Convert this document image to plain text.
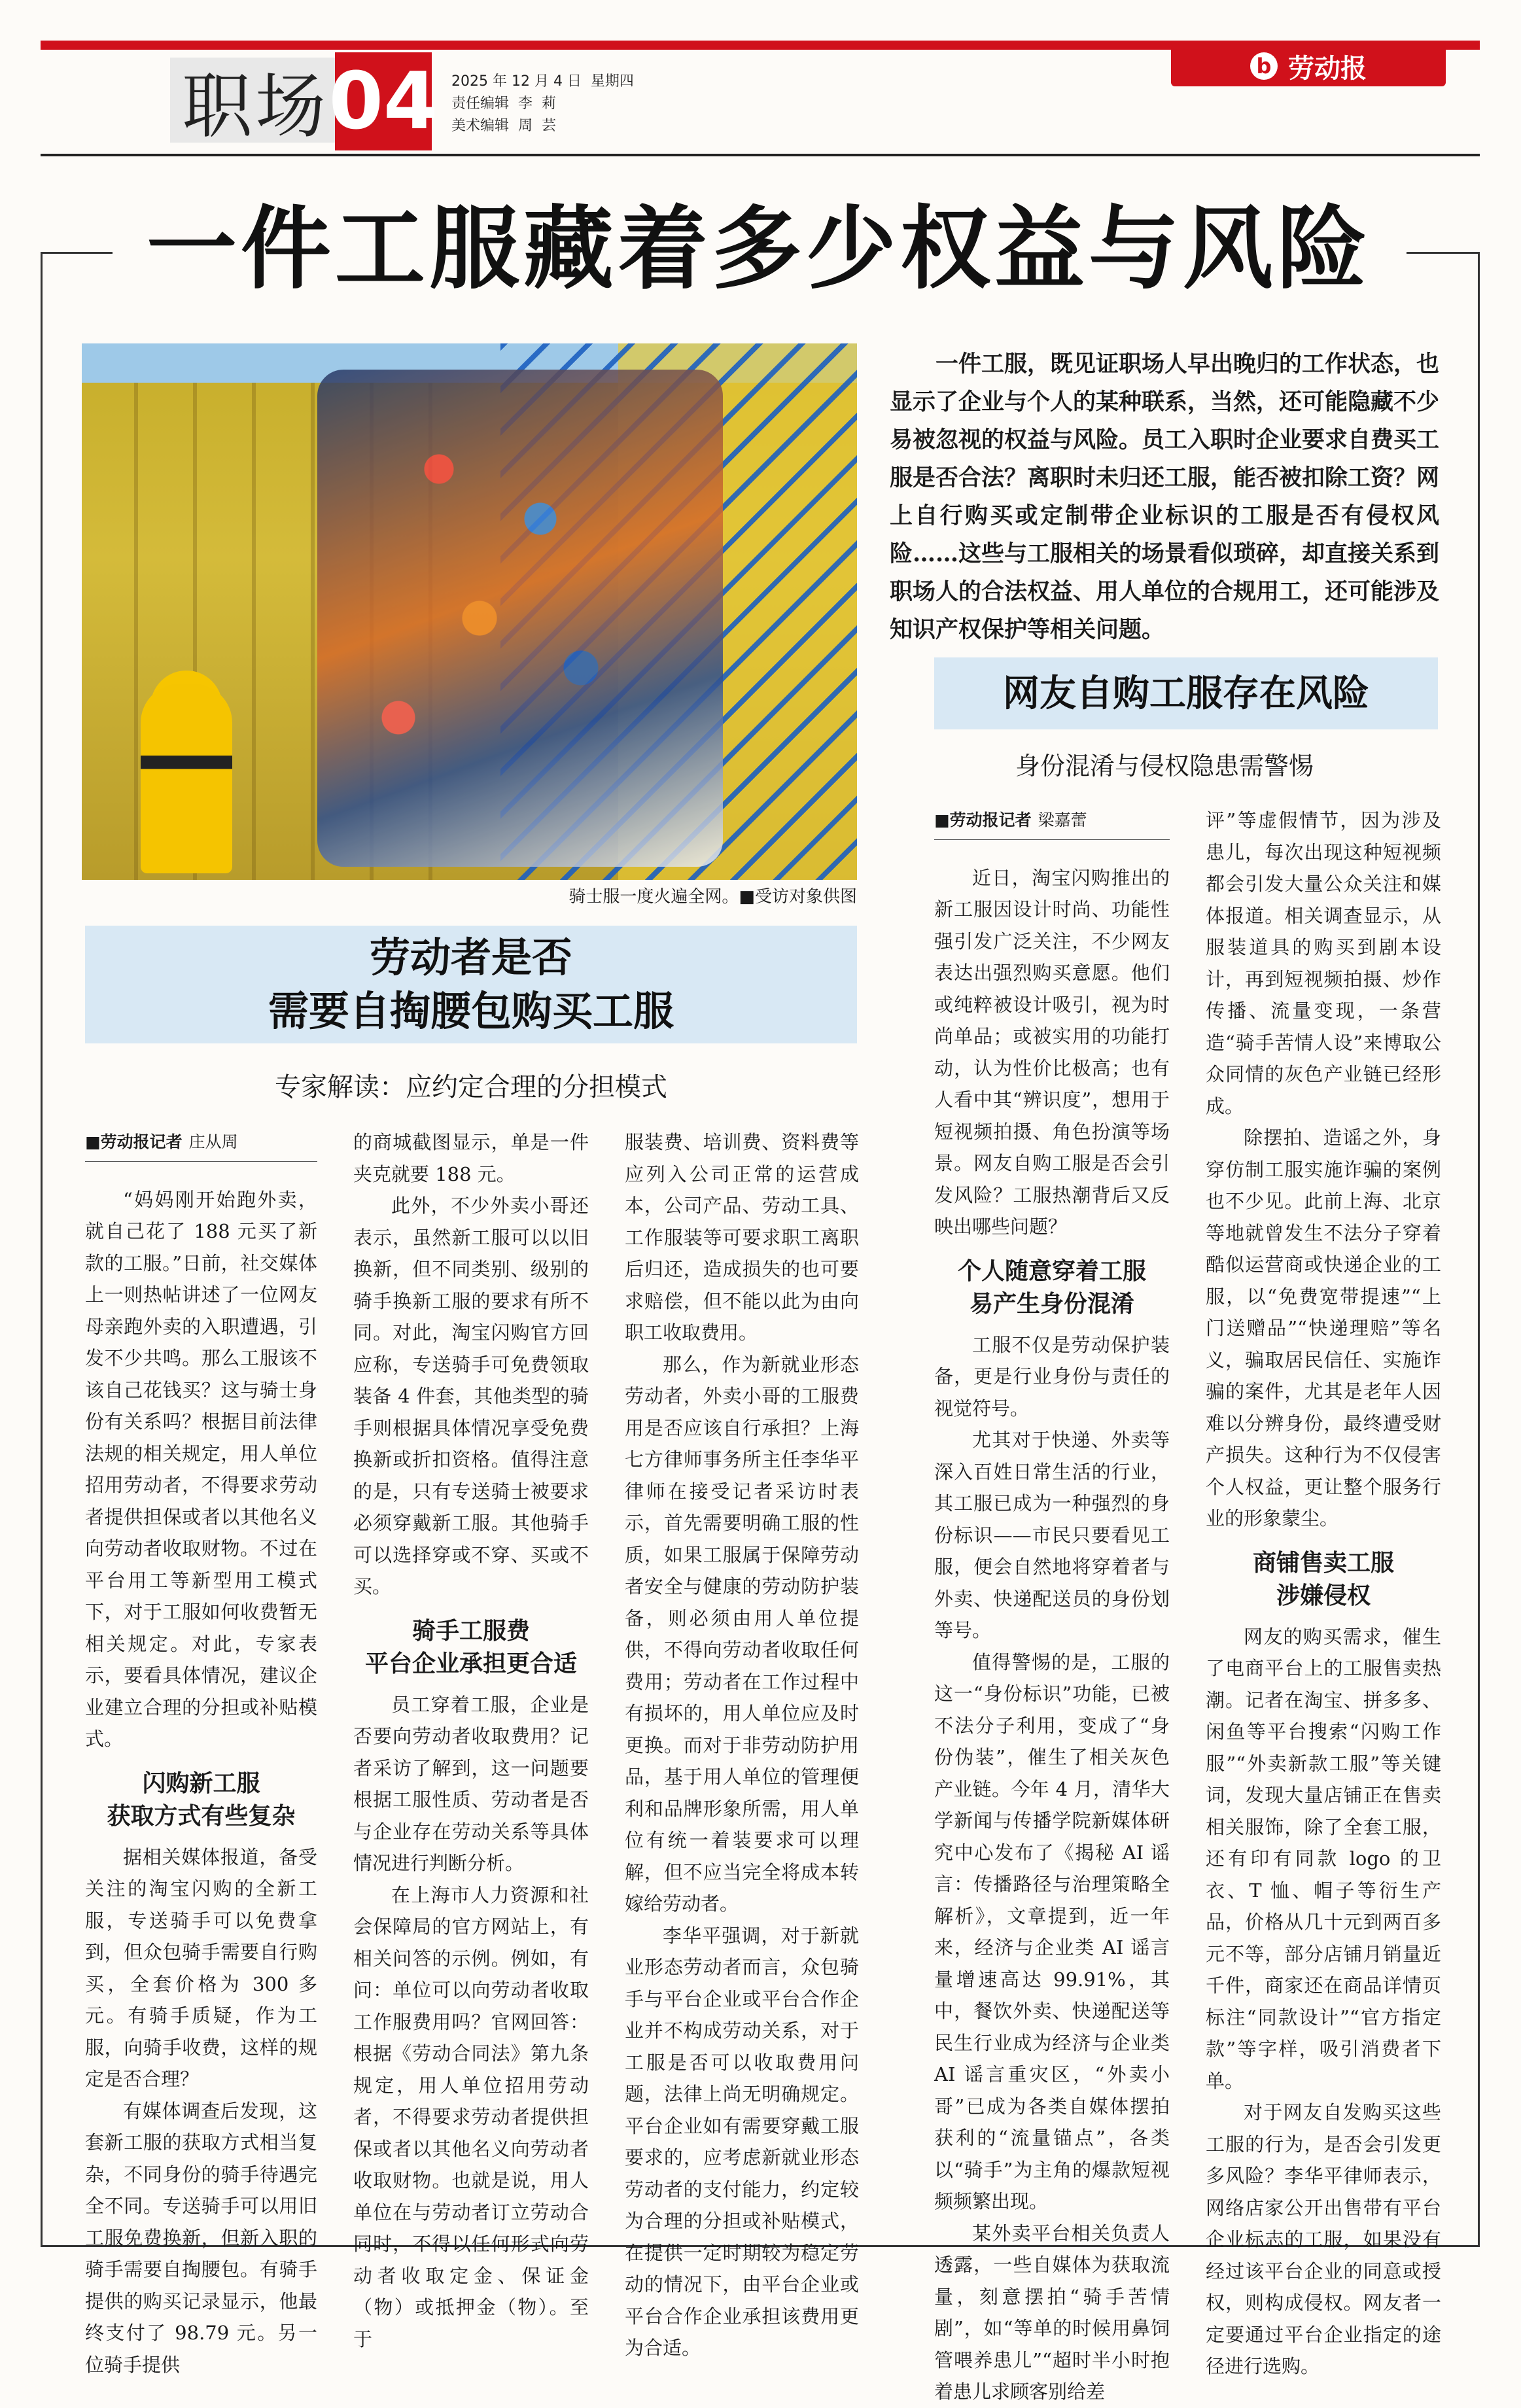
职场 04 2025 年 12 月 4 日  星期四
责任编辑  李  莉
美术编辑  周  芸
b 劳动报
一件工服藏着多少权益与风险
骑士服一度火遍全网。■受访对象供图
一件工服，既见证职场人早出晚归的工作状态，也显示了企业与个人的某种联系，当然，还可能隐藏不少易被忽视的权益与风险。员工入职时企业要求自费买工服是否合法？离职时未归还工服，能否被扣除工资？网上自行购买或定制带企业标识的工服是否有侵权风险……这些与工服相关的场景看似琐碎，却直接关系到职场人的合法权益、用人单位的合规用工，还可能涉及知识产权保护等相关问题。
网友自购工服存在风险
身份混淆与侵权隐患需警惕
劳动者是否
需要自掏腰包购买工服
专家解读：应约定合理的分担模式
■劳动报记者 庄从周

“妈妈刚开始跑外卖，就自己花了 188 元买了新款的工服。”日前，社交媒体上一则热帖讲述了一位网友母亲跑外卖的入职遭遇，引发不少共鸣。那么工服该不该自己花钱买？这与骑士身份有关系吗？根据目前法律法规的相关规定，用人单位招用劳动者，不得要求劳动者提供担保或者以其他名义向劳动者收取财物。不过在平台用工等新型用工模式下，对于工服如何收费暂无相关规定。对此，专家表示，要看具体情况，建议企业建立合理的分担或补贴模式。

闪购新工服
获取方式有些复杂

据相关媒体报道，备受关注的淘宝闪购的全新工服，专送骑手可以免费拿到，但众包骑手需要自行购买，全套价格为 300 多元。有骑手质疑，作为工服，向骑手收费，这样的规定是否合理？

有媒体调查后发现，这套新工服的获取方式相当复杂，不同身份的骑手待遇完全不同。专送骑手可以用旧工服免费换新，但新入职的骑手需要自掏腰包。有骑手提供的购买记录显示，他最终支付了 98.79 元。另一位骑手提供

的商城截图显示，单是一件夹克就要 188 元。

此外，不少外卖小哥还表示，虽然新工服可以以旧换新，但不同类别、级别的骑手换新工服的要求有所不同。对此，淘宝闪购官方回应称，专送骑手可免费领取装备 4 件套，其他类型的骑手则根据具体情况享受免费换新或折扣资格。值得注意的是，只有专送骑士被要求必须穿戴新工服。其他骑手可以选择穿或不穿、买或不买。

骑手工服费
平台企业承担更合适

员工穿着工服，企业是否要向劳动者收取费用？记者采访了解到，这一问题要根据工服性质、劳动者是否与企业存在劳动关系等具体情况进行判断分析。

在上海市人力资源和社会保障局的官方网站上，有相关问答的示例。例如，有问：单位可以向劳动者收取工作服费用吗？官网回答：根据《劳动合同法》第九条规定，用人单位招用劳动者，不得要求劳动者提供担保或者以其他名义向劳动者收取财物。也就是说，用人单位在与劳动者订立劳动合同时，不得以任何形式向劳动者收取定金、保证金（物）或抵押金（物）。至于

服装费、培训费、资料费等应列入公司正常的运营成本，公司产品、劳动工具、工作服装等可要求职工离职后归还，造成损失的也可要求赔偿，但不能以此为由向职工收取费用。

那么，作为新就业形态劳动者，外卖小哥的工服费用是否应该自行承担？上海七方律师事务所主任李华平律师在接受记者采访时表示，首先需要明确工服的性质，如果工服属于保障劳动者安全与健康的劳动防护装备，则必须由用人单位提供，不得向劳动者收取任何费用；劳动者在工作过程中有损坏的，用人单位应及时更换。而对于非劳动防护用品，基于用人单位的管理便利和品牌形象所需，用人单位有统一着装要求可以理解，但不应当完全将成本转嫁给劳动者。

李华平强调，对于新就业形态劳动者而言，众包骑手与平台企业或平台合作企业并不构成劳动关系，对于工服是否可以收取费用问题，法律上尚无明确规定。平台企业如有需要穿戴工服要求的，应考虑新就业形态劳动者的支付能力，约定较为合理的分担或补贴模式，在提供一定时期较为稳定劳动的情况下，由平台企业或平台合作企业承担该费用更为合适。

■劳动报记者 梁嘉蕾

近日，淘宝闪购推出的新工服因设计时尚、功能性强引发广泛关注，不少网友表达出强烈购买意愿。他们或纯粹被设计吸引，视为时尚单品；或被实用的功能打动，认为性价比极高；也有人看中其“辨识度”，想用于短视频拍摄、角色扮演等场景。网友自购工服是否会引发风险？工服热潮背后又反映出哪些问题？

个人随意穿着工服
易产生身份混淆

工服不仅是劳动保护装备，更是行业身份与责任的视觉符号。

尤其对于快递、外卖等深入百姓日常生活的行业，其工服已成为一种强烈的身份标识——市民只要看见工服，便会自然地将穿着者与外卖、快递配送员的身份划等号。

值得警惕的是，工服的这一“身份标识”功能，已被不法分子利用，变成了“身份伪装”，催生了相关灰色产业链。今年 4 月，清华大学新闻与传播学院新媒体研究中心发布了《揭秘 AI 谣言：传播路径与治理策略全解析》，文章提到，近一年来，经济与企业类 AI 谣言量增速高达 99.91%，其中，餐饮外卖、快递配送等民生行业成为经济与企业类 AI 谣言重灾区，“外卖小哥”已成为各类自媒体摆拍获利的“流量锚点”，各类以“骑手”为主角的爆款短视频频繁出现。

某外卖平台相关负责人透露，一些自媒体为获取流量，刻意摆拍“骑手苦情剧”，如“等单的时候用鼻饲管喂养患儿”“超时半小时抱着患儿求顾客别给差

评”等虚假情节，因为涉及患儿，每次出现这种短视频都会引发大量公众关注和媒体报道。相关调查显示，从服装道具的购买到剧本设计，再到短视频拍摄、炒作传播、流量变现，一条营造“骑手苦情人设”来博取公众同情的灰色产业链已经形成。

除摆拍、造谣之外，身穿仿制工服实施诈骗的案例也不少见。此前上海、北京等地就曾发生不法分子穿着酷似运营商或快递企业的工服，以“免费宽带提速”“上门送赠品”“快递理赔”等名义，骗取居民信任、实施诈骗的案件，尤其是老年人因难以分辨身份，最终遭受财产损失。这种行为不仅侵害个人权益，更让整个服务行业的形象蒙尘。

商铺售卖工服
涉嫌侵权

网友的购买需求，催生了电商平台上的工服售卖热潮。记者在淘宝、拼多多、闲鱼等平台搜索“闪购工作服”“外卖新款工服”等关键词，发现大量店铺正在售卖相关服饰，除了全套工服，还有印有同款 logo 的卫衣、T 恤、帽子等衍生产品，价格从几十元到两百多元不等，部分店铺月销量近千件，商家还在商品详情页标注“同款设计”“官方指定款”等字样，吸引消费者下单。

对于网友自发购买这些工服的行为，是否会引发更多风险？李华平律师表示，网络店家公开出售带有平台企业标志的工服，如果没有经过该平台企业的同意或授权，则构成侵权。网友者一定要通过平台企业指定的途径进行选购。
